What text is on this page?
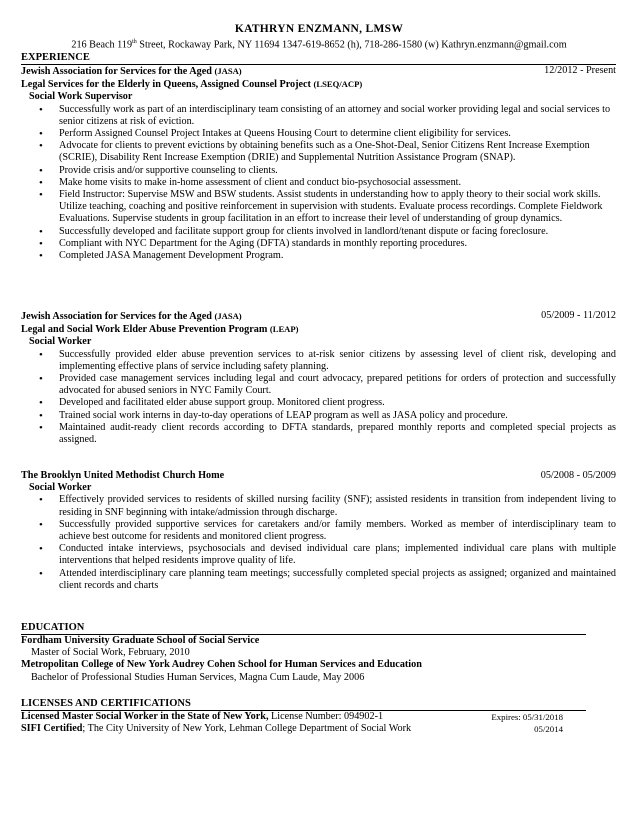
KATHRYN ENZMANN, LMSW
216 Beach 119th Street, Rockaway Park, NY 11694 1347-619-8652 (h), 718-286-1580 (w) Kathryn.enzmann@gmail.com
EXPERIENCE
Jewish Association for Services for the Aged (JASA)	12/2012 - Present
Legal Services for the Elderly in Queens, Assigned Counsel Project (LSEQ/ACP)
Social Work Supervisor
• Successfully work as part of an interdisciplinary team consisting of an attorney and social worker providing legal and social services to senior citizens at risk of eviction.
• Perform Assigned Counsel Project Intakes at Queens Housing Court to determine client eligibility for services.
• Advocate for clients to prevent evictions by obtaining benefits such as a One-Shot-Deal, Senior Citizens Rent Increase Exemption (SCRIE), Disability Rent Increase Exemption (DRIE) and Supplemental Nutrition Assistance Program (SNAP).
• Provide crisis and/or supportive counseling to clients.
• Make home visits to make in-home assessment of client and conduct bio-psychosocial assessment.
• Field Instructor: Supervise MSW and BSW students. Assist students in understanding how to apply theory to their social work skills. Utilize teaching, coaching and positive reinforcement in supervision with students. Evaluate process recordings. Complete Fieldwork Evaluations. Supervise students in group facilitation in an effort to increase their level of understanding of group dynamics.
• Successfully developed and facilitate support group for clients involved in landlord/tenant dispute or facing foreclosure.
• Compliant with NYC Department for the Aging (DFTA) standards in monthly reporting procedures.
• Completed JASA Management Development Program.
Jewish Association for Services for the Aged (JASA)	05/2009 - 11/2012
Legal and Social Work Elder Abuse Prevention Program (LEAP)
Social Worker
• Successfully provided elder abuse prevention services to at-risk senior citizens by assessing level of client risk, developing and implementing effective plans of service including safety planning.
• Provided case management services including legal and court advocacy, prepared petitions for orders of protection and successfully advocated for abused seniors in NYC Family Court.
• Developed and facilitated elder abuse support group. Monitored client progress.
• Trained social work interns in day-to-day operations of LEAP program as well as JASA policy and procedure.
• Maintained audit-ready client records according to DFTA standards, prepared monthly reports and completed special projects as assigned.
The Brooklyn United Methodist Church Home	05/2008 - 05/2009
Social Worker
• Effectively provided services to residents of skilled nursing facility (SNF); assisted residents in transition from independent living to residing in SNF beginning with intake/admission through discharge.
• Successfully provided supportive services for caretakers and/or family members. Worked as member of interdisciplinary team to achieve best outcome for residents and monitored client progress.
• Conducted intake interviews, psychosocials and devised individual care plans; implemented individual care plans with multiple interventions that helped residents improve quality of life.
• Attended interdisciplinary care planning team meetings; successfully completed special projects as assigned; organized and maintained client records and charts
EDUCATION
Fordham University Graduate School of Social Service
Master of Social Work, February, 2010
Metropolitan College of New York Audrey Cohen School for Human Services and Education
Bachelor of Professional Studies Human Services, Magna Cum Laude, May 2006
LICENSES AND CERTIFICATIONS
Licensed Master Social Worker in the State of New York, License Number: 094902-1	Expires: 05/31/2018
SIFI Certified; The City University of New York, Lehman College Department of Social Work	05/2014
